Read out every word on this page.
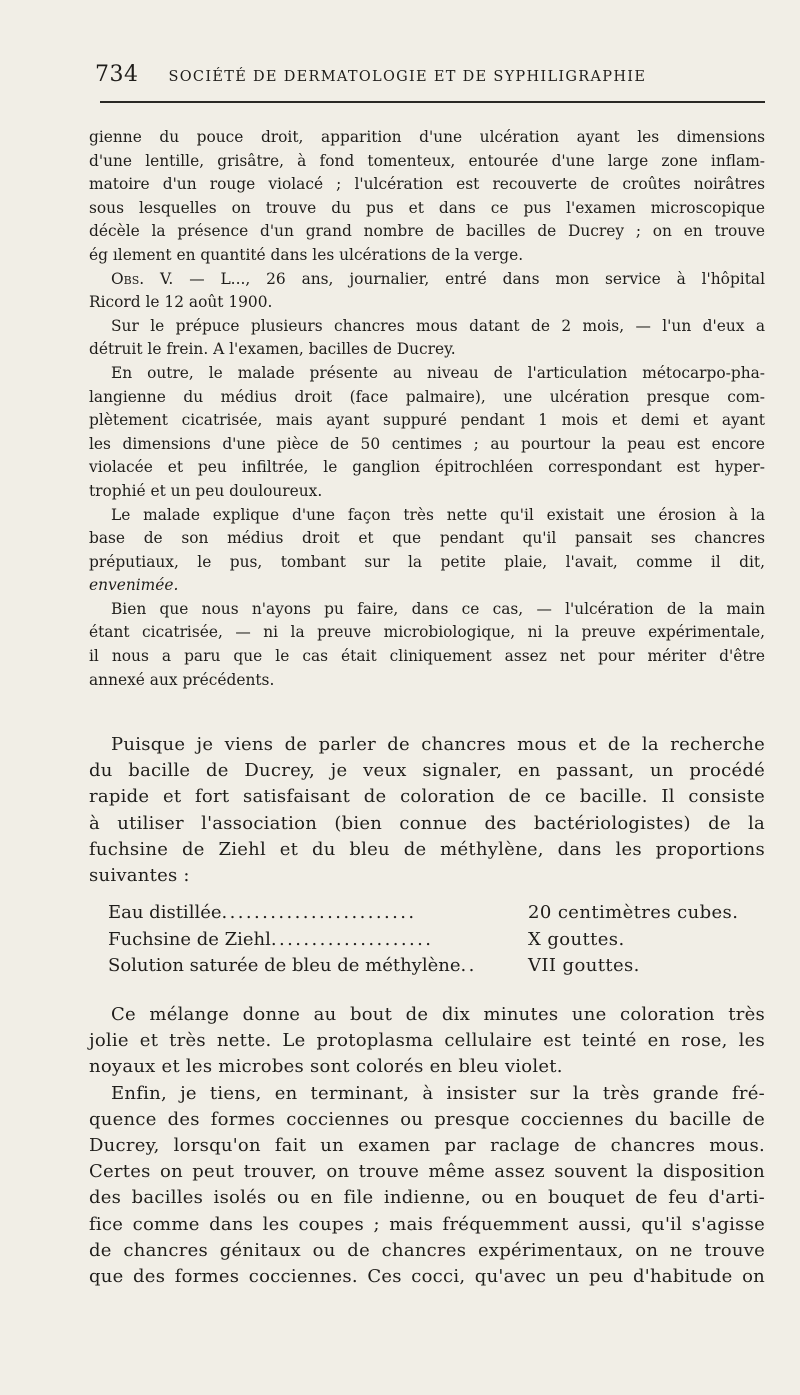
734 SOCIÉTÉ DE DERMATOLOGIE ET DE SYPHILIGRAPHIE

gienne du pouce droit, apparition d'une ulcération ayant les dimensions

d'une lentille, grisâtre, à fond tomenteux, entourée d'une large zone inflam-

matoire d'un rouge violacé ; l'ulcération est recouverte de croûtes noirâtres

sous lesquelles on trouve du pus et dans ce pus l'examen microscopique

décèle la présence d'un grand nombre de bacilles de Ducrey ; on en trouve

ég ılement en quantité dans les ulcérations de la verge.

Obs. V. — L..., 26 ans, journalier, entré dans mon service à l'hôpital

Ricord le 12 août 1900.

Sur le prépuce plusieurs chancres mous datant de 2 mois, — l'un d'eux a

détruit le frein. A l'examen, bacilles de Ducrey.

En outre, le malade présente au niveau de l'articulation métocarpo-pha-

langienne du médius droit (face palmaire), une ulcération presque com-

plètement cicatrisée, mais ayant suppuré pendant 1 mois et demi et ayant

les dimensions d'une pièce de 50 centimes ; au pourtour la peau est encore

violacée et peu infiltrée, le ganglion épitrochléen correspondant est hyper-

trophié et un peu douloureux.

Le malade explique d'une façon très nette qu'il existait une érosion à la

base de son médius droit et que pendant qu'il pansait ses chancres

préputiaux, le pus, tombant sur la petite plaie, l'avait, comme il dit,

envenimée.

Bien que nous n'ayons pu faire, dans ce cas, — l'ulcération de la main

étant cicatrisée, — ni la preuve microbiologique, ni la preuve expérimentale,

il nous a paru que le cas était cliniquement assez net pour mériter d'être

annexé aux précédents.

Puisque je viens de parler de chancres mous et de la recherche

du bacille de Ducrey, je veux signaler, en passant, un procédé

rapide et fort satisfaisant de coloration de ce bacille. Il consiste

à utiliser l'association (bien connue des bactériologistes) de la

fuchsine de Ziehl et du bleu de méthylène, dans les proportions

suivantes :

Eau distillée ........................	20 centimètres cubes.
Fuchsine de Ziehl ....................	X gouttes.
Solution saturée de bleu de méthylène ..	VII gouttes.

Ce mélange donne au bout de dix minutes une coloration très

jolie et très nette. Le protoplasma cellulaire est teinté en rose, les

noyaux et les microbes sont colorés en bleu violet.

Enfin, je tiens, en terminant, à insister sur la très grande fré-

quence des formes cocciennes ou presque cocciennes du bacille de

Ducrey, lorsqu'on fait un examen par raclage de chancres mous.

Certes on peut trouver, on trouve même assez souvent la disposition

des bacilles isolés ou en file indienne, ou en bouquet de feu d'arti-

fice comme dans les coupes ; mais fréquemment aussi, qu'il s'agisse

de chancres génitaux ou de chancres expérimentaux, on ne trouve

que des formes cocciennes. Ces cocci, qu'avec un peu d'habitude on
